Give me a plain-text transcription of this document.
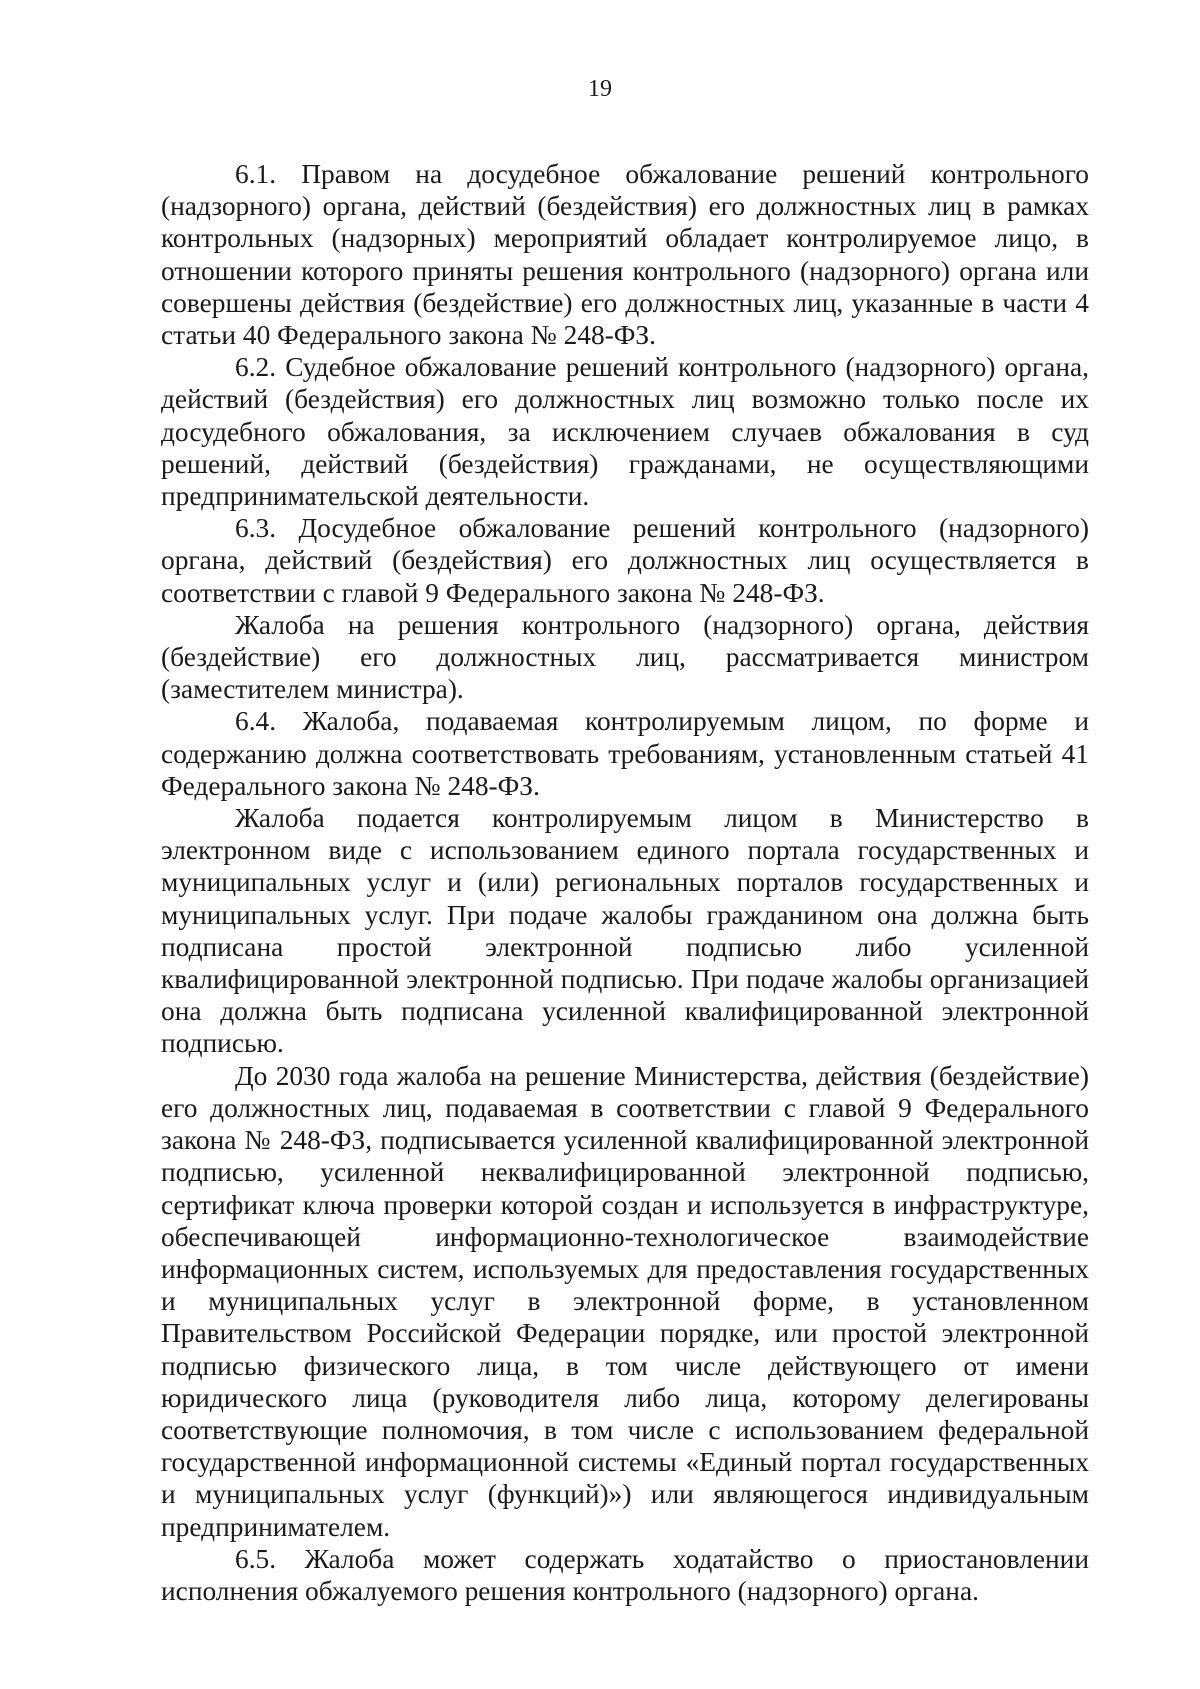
19

6.1. Правом на досудебное обжалование решений контрольного (надзорного) органа, действий (бездействия) его должностных лиц в рамках контрольных (надзорных) мероприятий обладает контролируемое лицо, в отношении которого приняты решения контрольного (надзорного) органа или совершены действия (бездействие) его должностных лиц, указанные в части 4 статьи 40 Федерального закона № 248-ФЗ.

6.2. Судебное обжалование решений контрольного (надзорного) органа, действий (бездействия) его должностных лиц возможно только после их досудебного обжалования, за исключением случаев обжалования в суд решений, действий (бездействия) гражданами, не осуществляющими предпринимательской деятельности.

6.3. Досудебное обжалование решений контрольного (надзорного) органа, действий (бездействия) его должностных лиц осуществляется в соответствии с главой 9 Федерального закона № 248-ФЗ.

Жалоба на решения контрольного (надзорного) органа, действия (бездействие) его должностных лиц, рассматривается министром (заместителем министра).

6.4. Жалоба, подаваемая контролируемым лицом, по форме и содержанию должна соответствовать требованиям, установленным статьей 41 Федерального закона № 248-ФЗ.

Жалоба подается контролируемым лицом в Министерство в электронном виде с использованием единого портала государственных и муниципальных услуг и (или) региональных порталов государственных и муниципальных услуг. При подаче жалобы гражданином она должна быть подписана простой электронной подписью либо усиленной квалифицированной электронной подписью. При подаче жалобы организацией она должна быть подписана усиленной квалифицированной электронной подписью.

До 2030 года жалоба на решение Министерства, действия (бездействие) его должностных лиц, подаваемая в соответствии с главой 9 Федерального закона № 248-ФЗ, подписывается усиленной квалифицированной электронной подписью, усиленной неквалифицированной электронной подписью, сертификат ключа проверки которой создан и используется в инфраструктуре, обеспечивающей информационно-технологическое взаимодействие информационных систем, используемых для предоставления государственных и муниципальных услуг в электронной форме, в установленном Правительством Российской Федерации порядке, или простой электронной подписью физического лица, в том числе действующего от имени юридического лица (руководителя либо лица, которому делегированы соответствующие полномочия, в том числе с использованием федеральной государственной информационной системы «Единый портал государственных и муниципальных услуг (функций)») или являющегося индивидуальным предпринимателем.

6.5. Жалоба может содержать ходатайство о приостановлении исполнения обжалуемого решения контрольного (надзорного) органа.
